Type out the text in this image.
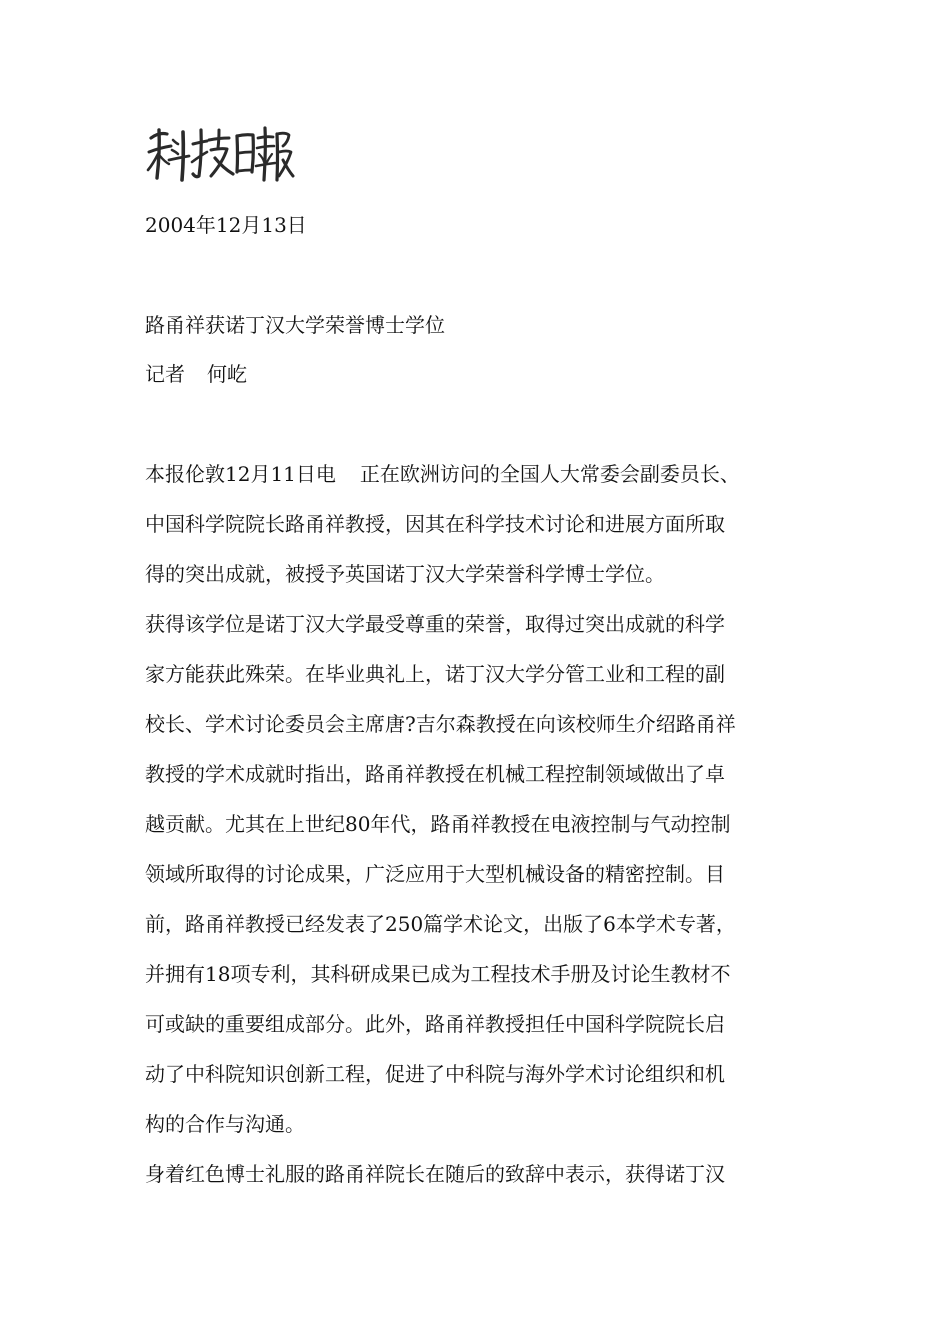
2004年12月13日
路甬祥获诺丁汉大学荣誉博士学位
记者 何屹
本报伦敦12月11日电 正在欧洲访问的全国人大常委会副委员长、
中国科学院院长路甬祥教授，因其在科学技术讨论和进展方面所取
得的突出成就，被授予英国诺丁汉大学荣誉科学博士学位。
获得该学位是诺丁汉大学最受尊重的荣誉，取得过突出成就的科学
家方能获此殊荣。在毕业典礼上，诺丁汉大学分管工业和工程的副
校长、学术讨论委员会主席唐?吉尔森教授在向该校师生介绍路甬祥
教授的学术成就时指出，路甬祥教授在机械工程控制领域做出了卓
越贡献。尤其在上世纪80年代，路甬祥教授在电液控制与气动控制
领域所取得的讨论成果，广泛应用于大型机械设备的精密控制。目
前，路甬祥教授已经发表了250篇学术论文，出版了6本学术专著，
并拥有18项专利，其科研成果已成为工程技术手册及讨论生教材不
可或缺的重要组成部分。此外，路甬祥教授担任中国科学院院长启
动了中科院知识创新工程，促进了中科院与海外学术讨论组织和机
构的合作与沟通。
身着红色博士礼服的路甬祥院长在随后的致辞中表示，获得诺丁汉
